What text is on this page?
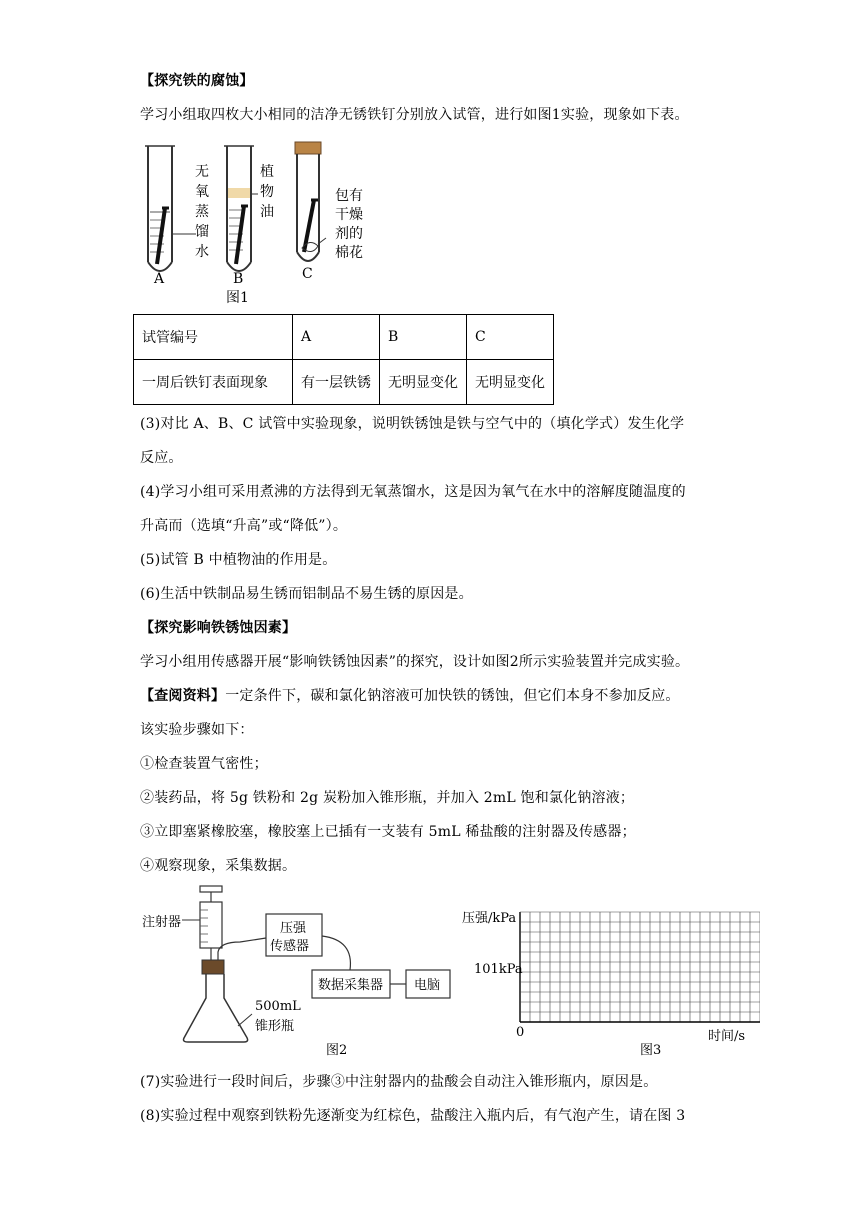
【探究铁的腐蚀】
学习小组取四枚大小相同的洁净无锈铁钉分别放入试管，进行如图1实验，现象如下表。
A
无
氧
蒸
馏
水
B
植
物
油
C
包有
干燥
剂的
棉花
图1
试管编号	A	B	C
一周后铁钉表面现象	有一层铁锈	无明显变化	无明显变化
(3)对比 A、B、C 试管中实验现象，说明铁锈蚀是铁与空气中的（填化学式）发生化学
反应。
(4)学习小组可采用煮沸的方法得到无氧蒸馏水，这是因为氧气在水中的溶解度随温度的
升高而（选填“升高”或“降低”）。
(5)试管 B 中植物油的作用是。
(6)生活中铁制品易生锈而铝制品不易生锈的原因是。
【探究影响铁锈蚀因素】
学习小组用传感器开展“影响铁锈蚀因素”的探究，设计如图2所示实验装置并完成实验。
【查阅资料】一定条件下，碳和氯化钠溶液可加快铁的锈蚀，但它们本身不参加反应。
该实验步骤如下：
①检查装置气密性；
②装药品，将 5g 铁粉和 2g 炭粉加入锥形瓶，并加入 2mL 饱和氯化钠溶液；
③立即塞紧橡胶塞，橡胶塞上已插有一支装有 5mL 稀盐酸的注射器及传感器；
④观察现象，采集数据。
注射器
500mL
锥形瓶
压强
传感器
数据采集器 电脑
图2
压强/kPa
101kPa
0	时间/s
图3
(7)实验进行一段时间后，步骤③中注射器内的盐酸会自动注入锥形瓶内，原因是。
(8)实验过程中观察到铁粉先逐渐变为红棕色，盐酸注入瓶内后，有气泡产生，请在图 3
